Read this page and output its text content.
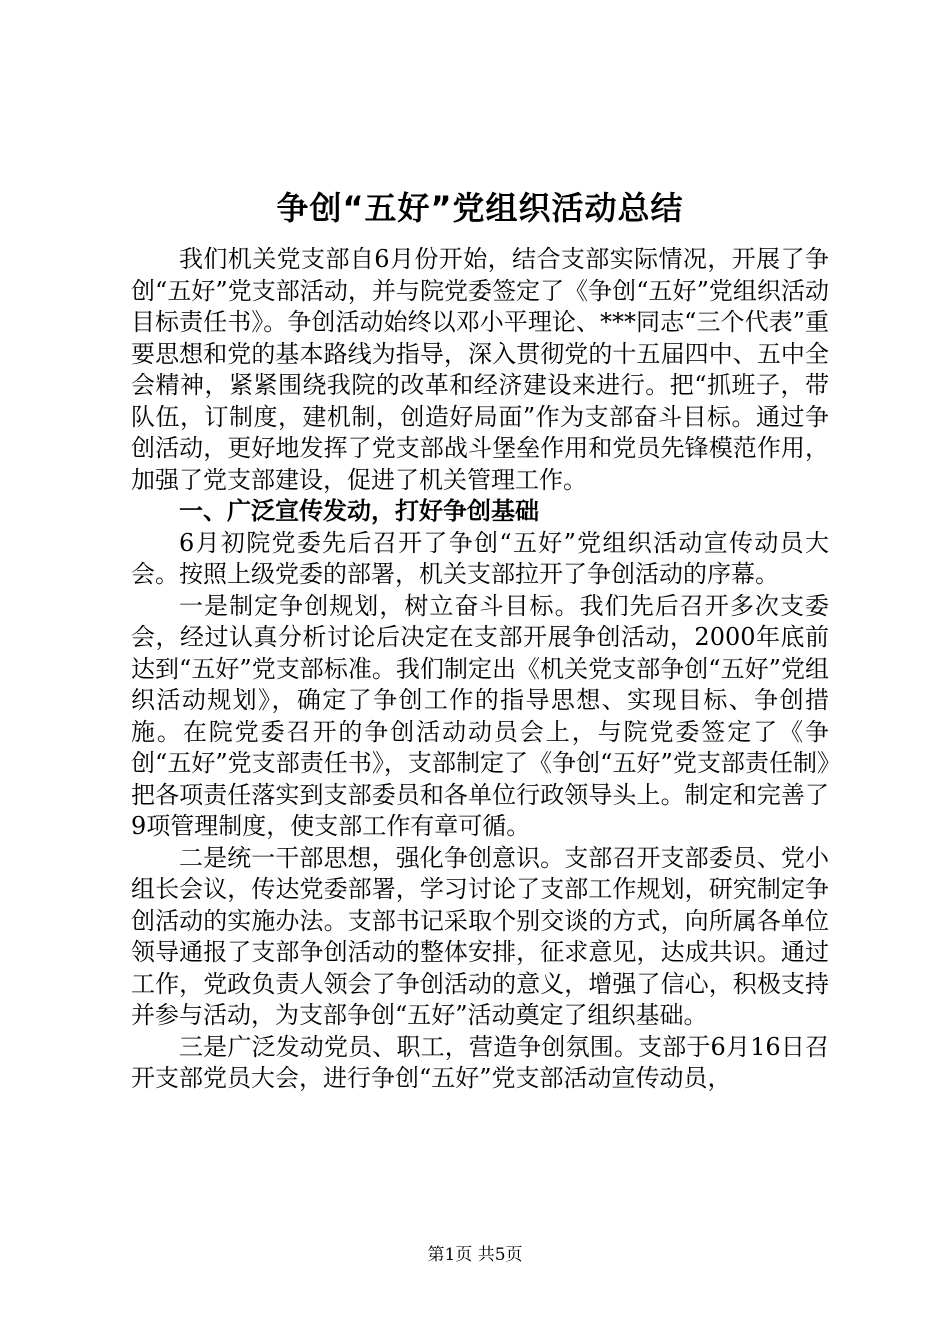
争创“五好”党组织活动总结

我们机关党支部自6月份开始，结合支部实际情况，开展了争创“五好”党支部活动，并与院党委签定了《争创“五好”党组织活动目标责任书》。争创活动始终以邓小平理论、***同志“三个代表”重要思想和党的基本路线为指导，深入贯彻党的十五届四中、五中全会精神，紧紧围绕我院的改革和经济建设来进行。把“抓班子，带队伍，订制度，建机制，创造好局面”作为支部奋斗目标。通过争创活动，更好地发挥了党支部战斗堡垒作用和党员先锋模范作用，加强了党支部建设，促进了机关管理工作。

一、广泛宣传发动，打好争创基础

6月初院党委先后召开了争创“五好”党组织活动宣传动员大会。按照上级党委的部署，机关支部拉开了争创活动的序幕。

一是制定争创规划，树立奋斗目标。我们先后召开多次支委会，经过认真分析讨论后决定在支部开展争创活动，2000年底前达到“五好”党支部标准。我们制定出《机关党支部争创“五好”党组织活动规划》，确定了争创工作的指导思想、实现目标、争创措施。在院党委召开的争创活动动员会上，与院党委签定了《争创“五好”党支部责任书》，支部制定了《争创“五好”党支部责任制》把各项责任落实到支部委员和各单位行政领导头上。制定和完善了9项管理制度，使支部工作有章可循。

二是统一干部思想，强化争创意识。支部召开支部委员、党小组长会议，传达党委部署，学习讨论了支部工作规划，研究制定争创活动的实施办法。支部书记采取个别交谈的方式，向所属各单位领导通报了支部争创活动的整体安排，征求意见，达成共识。通过工作，党政负责人领会了争创活动的意义，增强了信心，积极支持并参与活动，为支部争创“五好”活动奠定了组织基础。

三是广泛发动党员、职工，营造争创氛围。支部于6月16日召开支部党员大会，进行争创“五好”党支部活动宣传动员，

第1页 共5页
